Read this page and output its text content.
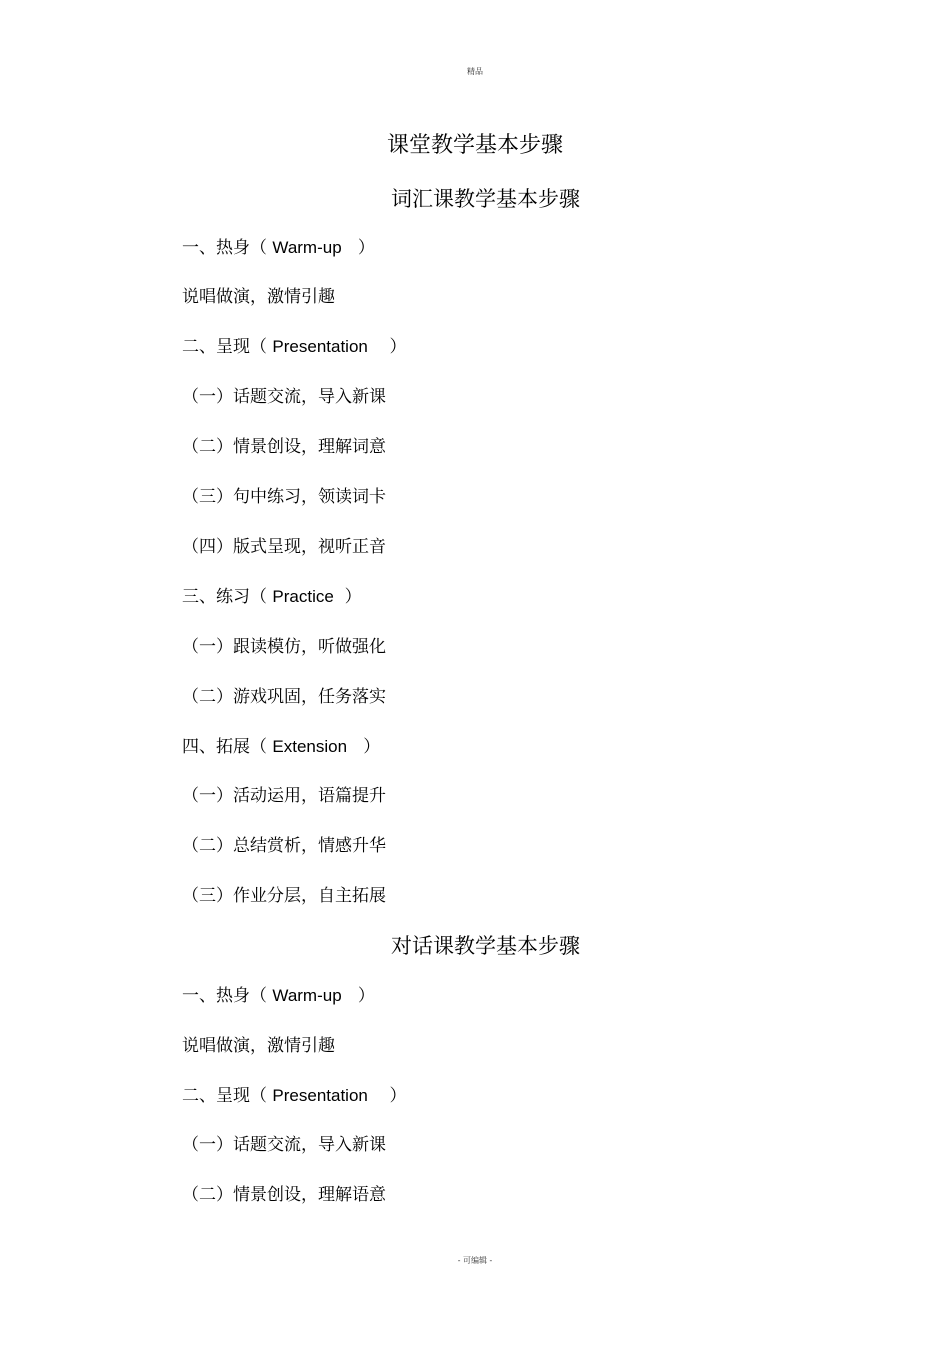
精品
课堂教学基本步骤
词汇课教学基本步骤
一、热身（ Warm-up ）
说唱做演，激情引趣
二、呈现（ Presentation ）
（一）话题交流，导入新课
（二）情景创设，理解词意
（三）句中练习，领读词卡
（四）版式呈现，视听正音
三、练习（ Practice ）
（一）跟读模仿，听做强化
（二）游戏巩固，任务落实
四、拓展（ Extension ）
（一）活动运用，语篇提升
（二）总结赏析，情感升华
（三）作业分层，自主拓展
对话课教学基本步骤
一、热身（ Warm-up ）
说唱做演，激情引趣
二、呈现（ Presentation ）
（一）话题交流，导入新课
（二）情景创设，理解语意
- 可编辑 -
